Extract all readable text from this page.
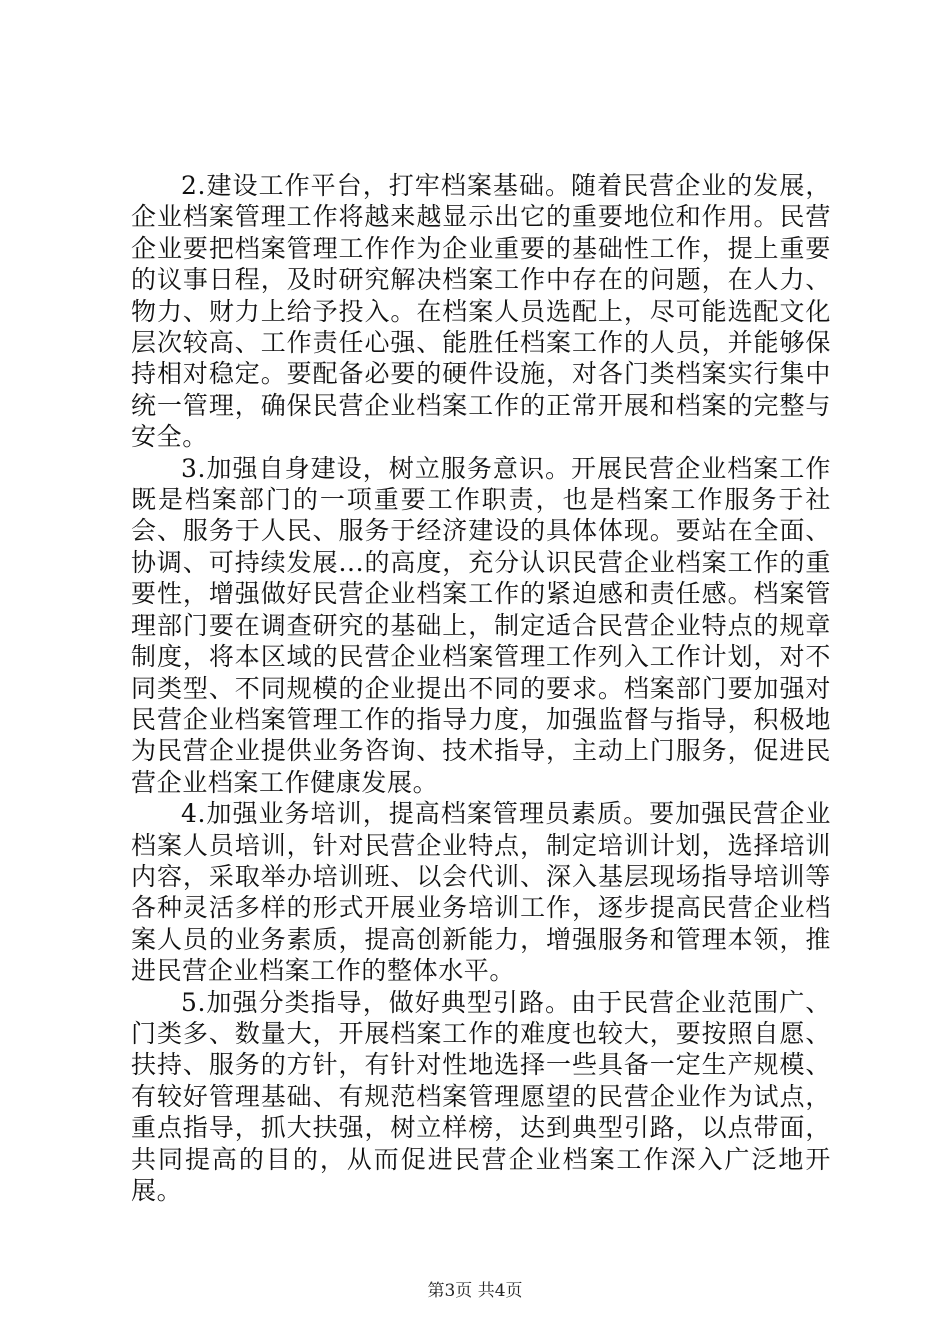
2.建设工作平台，打牢档案基础。随着民营企业的发展，企业档案管理工作将越来越显示出它的重要地位和作用。民营企业要把档案管理工作作为企业重要的基础性工作，提上重要的议事日程，及时研究解决档案工作中存在的问题，在人力、物力、财力上给予投入。在档案人员选配上，尽可能选配文化层次较高、工作责任心强、能胜任档案工作的人员，并能够保持相对稳定。要配备必要的硬件设施，对各门类档案实行集中统一管理，确保民营企业档案工作的正常开展和档案的完整与安全。

3.加强自身建设，树立服务意识。开展民营企业档案工作既是档案部门的一项重要工作职责，也是档案工作服务于社会、服务于人民、服务于经济建设的具体体现。要站在全面、协调、可持续发展...的高度，充分认识民营企业档案工作的重要性，增强做好民营企业档案工作的紧迫感和责任感。档案管理部门要在调查研究的基础上，制定适合民营企业特点的规章制度，将本区域的民营企业档案管理工作列入工作计划，对不同类型、不同规模的企业提出不同的要求。档案部门要加强对民营企业档案管理工作的指导力度，加强监督与指导，积极地为民营企业提供业务咨询、技术指导，主动上门服务，促进民营企业档案工作健康发展。

4.加强业务培训，提高档案管理员素质。要加强民营企业档案人员培训，针对民营企业特点，制定培训计划，选择培训内容，采取举办培训班、以会代训、深入基层现场指导培训等各种灵活多样的形式开展业务培训工作，逐步提高民营企业档案人员的业务素质，提高创新能力，增强服务和管理本领，推进民营企业档案工作的整体水平。

5.加强分类指导，做好典型引路。由于民营企业范围广、门类多、数量大，开展档案工作的难度也较大，要按照自愿、扶持、服务的方针，有针对性地选择一些具备一定生产规模、有较好管理基础、有规范档案管理愿望的民营企业作为试点，重点指导，抓大扶强，树立样榜，达到典型引路，以点带面，共同提高的目的，从而促进民营企业档案工作深入广泛地开展。

第3页 共4页
